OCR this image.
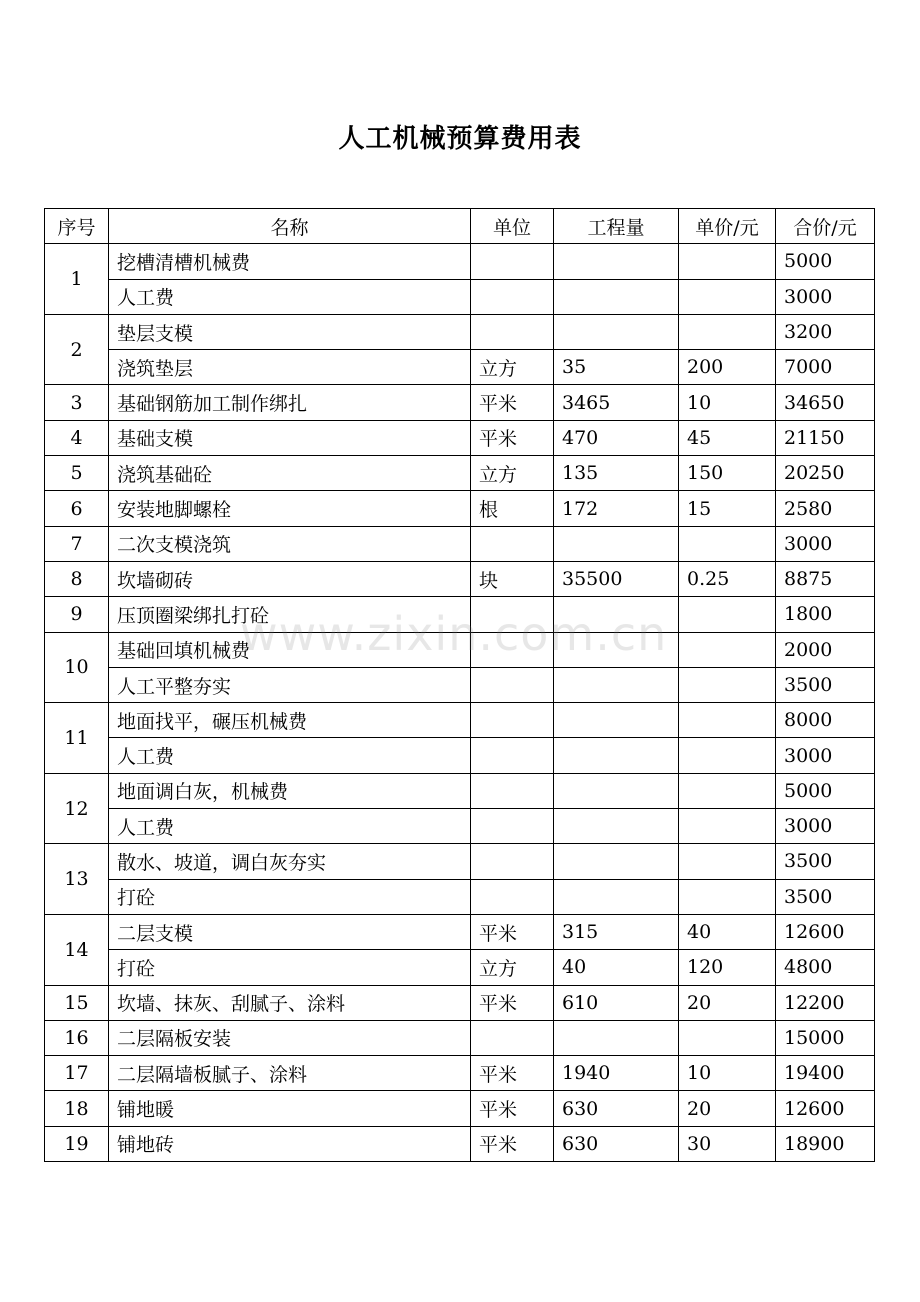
人工机械预算费用表
序号	名称	单位	工程量	单价/元	合价/元
1	挖槽清槽机械费				5000
	人工费				3000
2	垫层支模				3200
	浇筑垫层	立方	35	200	7000
3	基础钢筋加工制作绑扎	平米	3465	10	34650
4	基础支模	平米	470	45	21150
5	浇筑基础砼	立方	135	150	20250
6	安装地脚螺栓	根	172	15	2580
7	二次支模浇筑				3000
8	坎墙砌砖	块	35500	0.25	8875
9	压顶圈梁绑扎打砼				1800
10	基础回填机械费				2000
	人工平整夯实				3500
11	地面找平，碾压机械费				8000
	人工费				3000
12	地面调白灰，机械费				5000
	人工费				3000
13	散水、坡道，调白灰夯实				3500
	打砼				3500
14	二层支模	平米	315	40	12600
	打砼	立方	40	120	4800
15	坎墙、抹灰、刮腻子、涂料	平米	610	20	12200
16	二层隔板安装				15000
17	二层隔墙板腻子、涂料	平米	1940	10	19400
18	铺地暖	平米	630	20	12600
19	铺地砖	平米	630	30	18900
www.zixin.com.cn
